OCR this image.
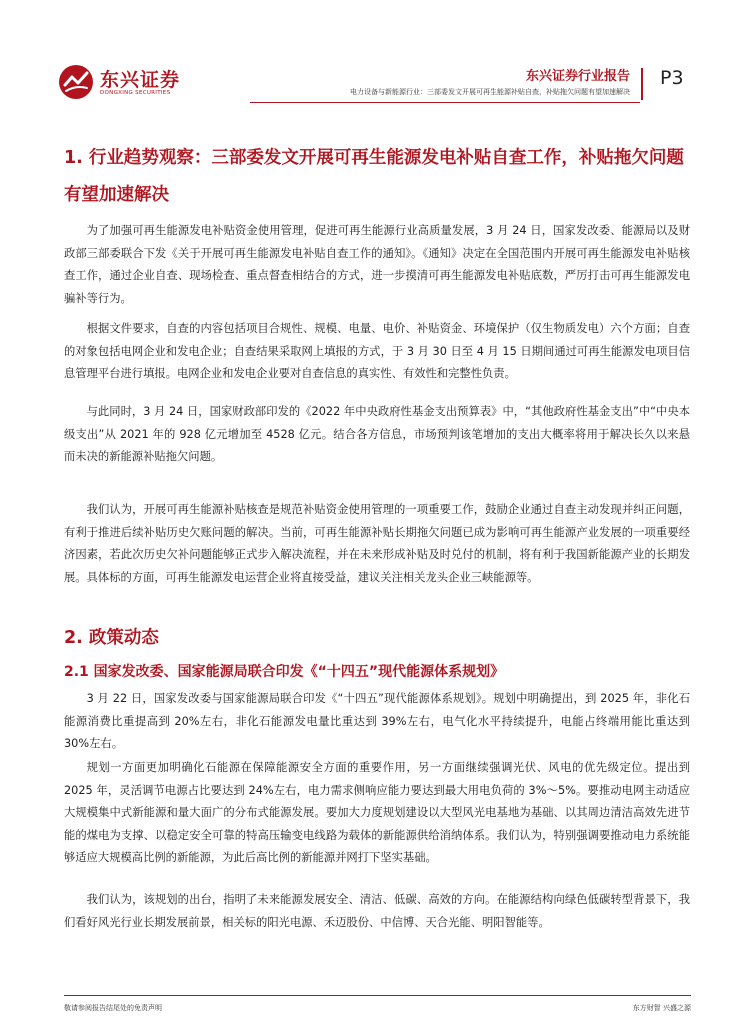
东兴证券
DONGXING SECURITIES
东兴证券行业报告 P3
电力设备与新能源行业：三部委发文开展可再生能源补贴自查，补贴拖欠问题有望加速解决
1. 行业趋势观察：三部委发文开展可再生能源发电补贴自查工作，补贴拖欠问题有望加速解决

为了加强可再生能源发电补贴资金使用管理，促进可再生能源行业高质量发展，3 月 24 日，国家发改委、能源局以及财政部三部委联合下发《关于开展可再生能源发电补贴自查工作的通知》。《通知》决定在全国范围内开展可再生能源发电补贴核查工作，通过企业自查、现场检查、重点督查相结合的方式，进一步摸清可再生能源发电补贴底数，严厉打击可再生能源发电骗补等行为。

根据文件要求，自查的内容包括项目合规性、规模、电量、电价、补贴资金、环境保护（仅生物质发电）六个方面；自查的对象包括电网企业和发电企业；自查结果采取网上填报的方式，于 3 月 30 日至 4 月 15 日期间通过可再生能源发电项目信息管理平台进行填报。电网企业和发电企业要对自查信息的真实性、有效性和完整性负责。

与此同时，3 月 24 日，国家财政部印发的《2022 年中央政府性基金支出预算表》中，“其他政府性基金支出”中“中央本级支出”从 2021 年的 928 亿元增加至 4528 亿元。结合各方信息，市场预判该笔增加的支出大概率将用于解决长久以来悬而未决的新能源补贴拖欠问题。

我们认为，开展可再生能源补贴核查是规范补贴资金使用管理的一项重要工作，鼓励企业通过自查主动发现并纠正问题，有利于推进后续补贴历史欠账问题的解决。当前，可再生能源补贴长期拖欠问题已成为影响可再生能源产业发展的一项重要经济因素，若此次历史欠补问题能够正式步入解决流程，并在未来形成补贴及时兑付的机制，将有利于我国新能源产业的长期发展。具体标的方面，可再生能源发电运营企业将直接受益，建议关注相关龙头企业三峡能源等。

2. 政策动态
2.1 国家发改委、国家能源局联合印发《“十四五”现代能源体系规划》

3 月 22 日，国家发改委与国家能源局联合印发《“十四五”现代能源体系规划》。规划中明确提出，到 2025 年，非化石能源消费比重提高到 20%左右，非化石能源发电量比重达到 39%左右，电气化水平持续提升，电能占终端用能比重达到 30%左右。

规划一方面更加明确化石能源在保障能源安全方面的重要作用，另一方面继续强调光伏、风电的优先级定位。提出到 2025 年，灵活调节电源占比要达到 24%左右，电力需求侧响应能力要达到最大用电负荷的 3%～5%。要推动电网主动适应大规模集中式新能源和量大面广的分布式能源发展。要加大力度规划建设以大型风光电基地为基础、以其周边清洁高效先进节能的煤电为支撑、以稳定安全可靠的特高压输变电线路为载体的新能源供给消纳体系。我们认为，特别强调要推动电力系统能够适应大规模高比例的新能源，为此后高比例的新能源并网打下坚实基础。

我们认为，该规划的出台，指明了未来能源发展安全、清洁、低碳、高效的方向。在能源结构向绿色低碳转型背景下，我们看好风光行业长期发展前景，相关标的阳光电源、禾迈股份、中信博、天合光能、明阳智能等。

敬请参阅报告结尾处的免责声明	东方财智 兴盛之源
